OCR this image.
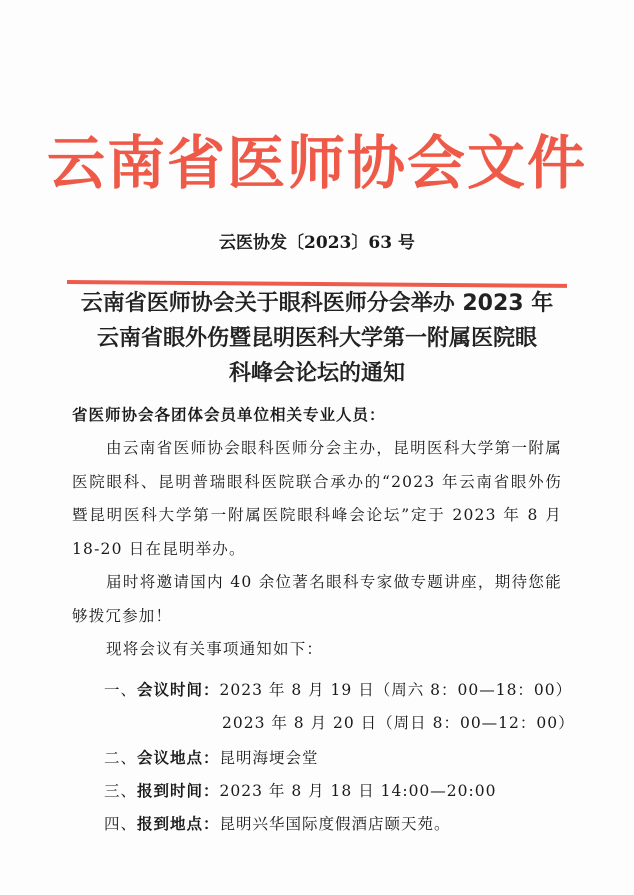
云南省医师协会文件
云医协发〔2023〕63 号
云南省医师协会关于眼科医师分会举办 2023 年
云南省眼外伤暨昆明医科大学第一附属医院眼
科峰会论坛的通知
省医师协会各团体会员单位相关专业人员：
由云南省医师协会眼科医师分会主办，昆明医科大学第一附属医院眼科、昆明普瑞眼科医院联合承办的“2023 年云南省眼外伤暨昆明医科大学第一附属医院眼科峰会论坛”定于 2023 年 8 月 18-20 日在昆明举办。
届时将邀请国内 40 余位著名眼科专家做专题讲座，期待您能够拨冗参加！
现将会议有关事项通知如下：
一、会议时间：2023 年 8 月 19 日（周六 8：00—18：00）
2023 年 8 月 20 日（周日 8：00—12：00）
二、会议地点：昆明海埂会堂
三、报到时间：2023 年 8 月 18 日 14:00—20:00
四、报到地点：昆明兴华国际度假酒店颐天苑。
